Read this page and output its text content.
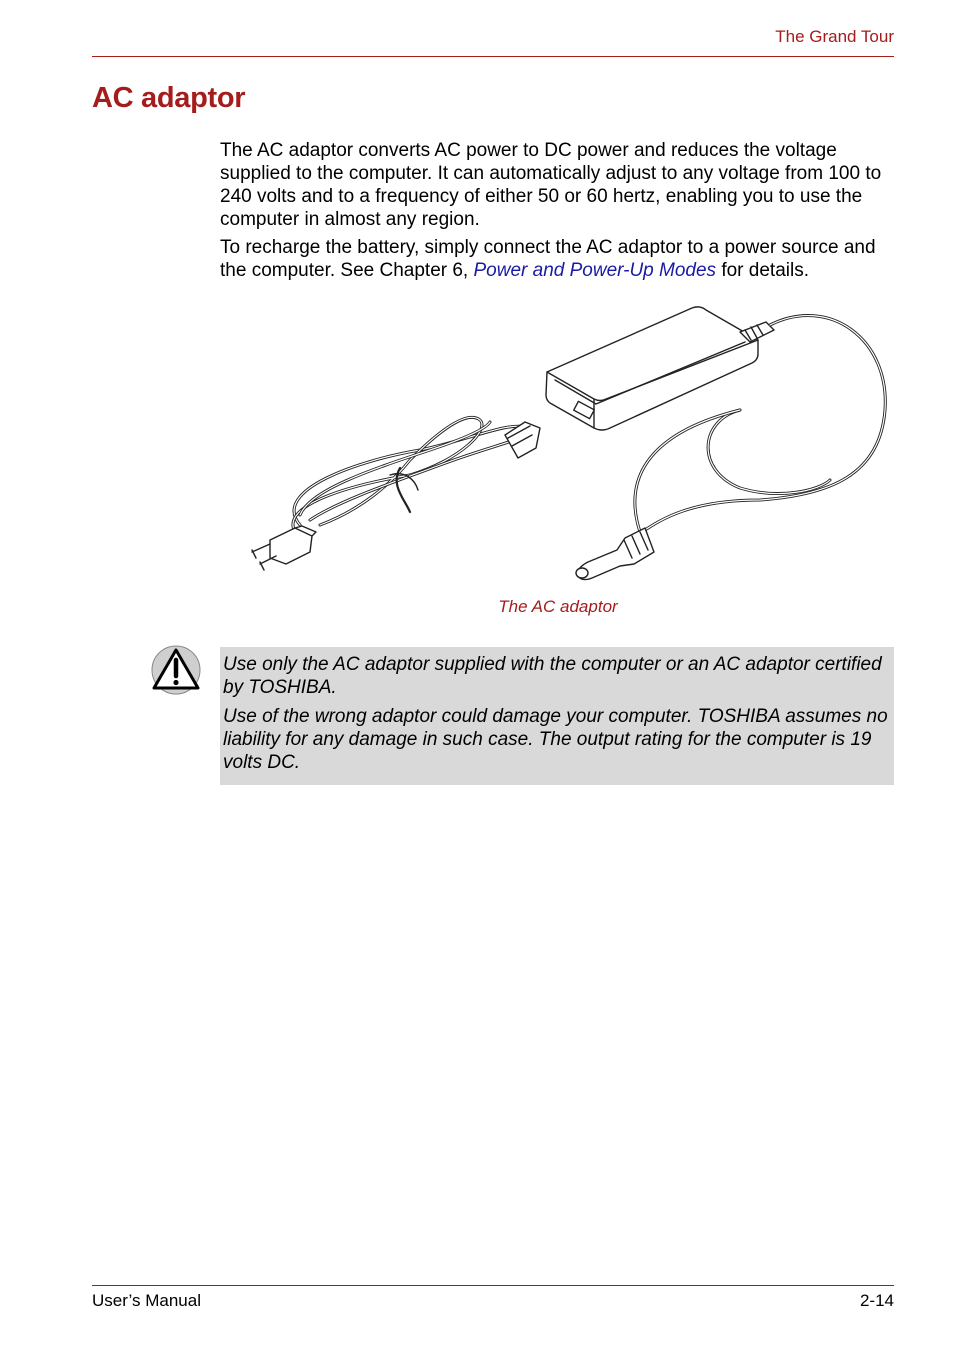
The Grand Tour
AC adaptor

The AC adaptor converts AC power to DC power and reduces the voltage supplied to the computer. It can automatically adjust to any voltage from 100 to 240 volts and to a frequency of either 50 or 60 hertz, enabling you to use the computer in almost any region.

To recharge the battery, simply connect the AC adaptor to a power source and the computer. See Chapter 6, Power and Power-Up Modes for details.

The AC adaptor

Use only the AC adaptor supplied with the computer or an AC adaptor certified by TOSHIBA.

Use of the wrong adaptor could damage your computer. TOSHIBA assumes no liability for any damage in such case. The output rating for the computer is 19 volts DC.

User’s Manual	2-14
